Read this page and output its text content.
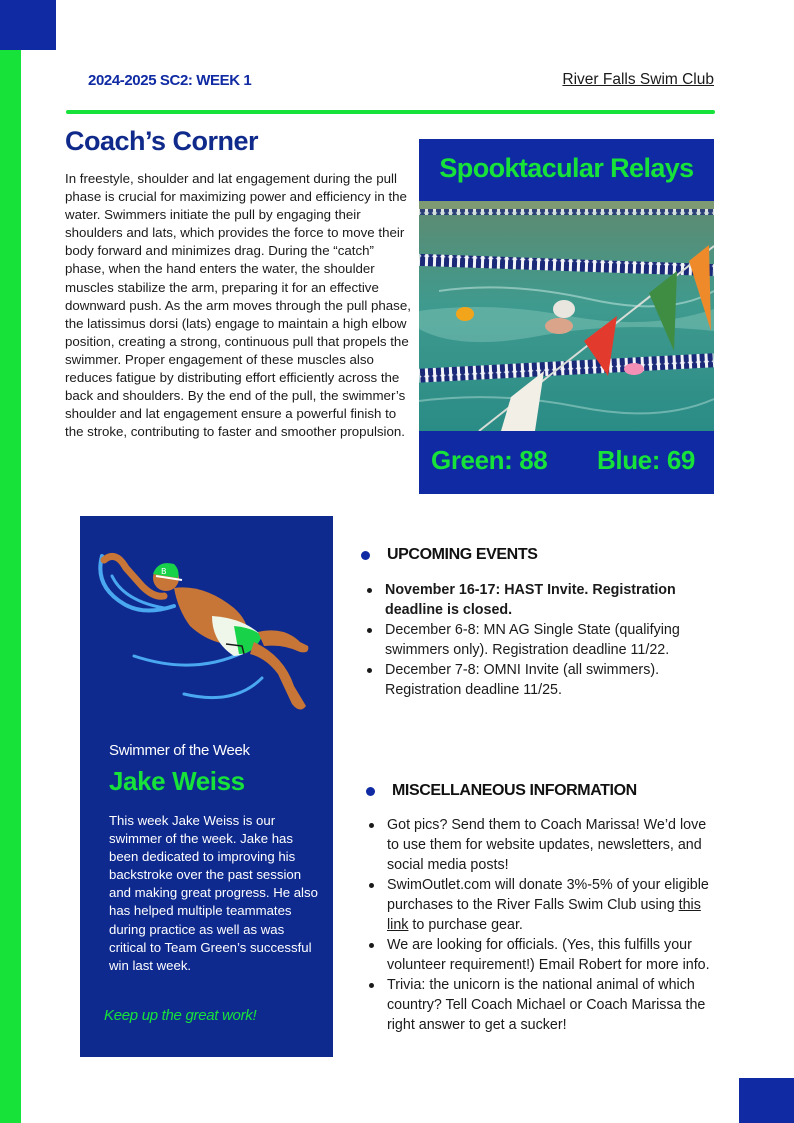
2024-2025 SC2: WEEK 1	River Falls Swim Club
Coach’s Corner

In freestyle, shoulder and lat engagement during the pull phase is crucial for maximizing power and efficiency in the water. Swimmers initiate the pull by engaging their shoulders and lats, which provides the force to move their body forward and minimizes drag. During the “catch” phase, when the hand enters the water, the shoulder muscles stabilize the arm, preparing it for an effective downward push. As the arm moves through the pull phase, the latissimus dorsi (lats) engage to maintain a high elbow position, creating a strong, continuous pull that propels the swimmer. Proper engagement of these muscles also reduces fatigue by distributing effort efficiently across the back and shoulders. By the end of the pull, the swimmer’s shoulder and lat engagement ensure a powerful finish to the stroke, contributing to faster and smoother propulsion.

Spooktacular Relays
Green: 88 Blue: 69
B
Swimmer of the Week
Jake Weiss

This week Jake Weiss is our swimmer of the week. Jake has been dedicated to improving his backstroke over the past session and making great progress. He also has helped multiple teammates during practice as well as was critical to Team Green’s successful win last week.

Keep up the great work!
UPCOMING EVENTS
November 16-17: HAST Invite. Registration deadline is closed.
December 6-8: MN AG Single State (qualifying swimmers only). Registration deadline 11/22.
December 7-8: OMNI Invite (all swimmers). Registration deadline 11/25.
MISCELLANEOUS INFORMATION
Got pics? Send them to Coach Marissa! We’d love to use them for website updates, newsletters, and social media posts!
SwimOutlet.com will donate 3%-5% of your eligible purchases to the River Falls Swim Club using this link to purchase gear.
We are looking for officials. (Yes, this fulfills your volunteer requirement!) Email Robert for more info.
Trivia: the unicorn is the national animal of which country? Tell Coach Michael or Coach Marissa the right answer to get a sucker!
